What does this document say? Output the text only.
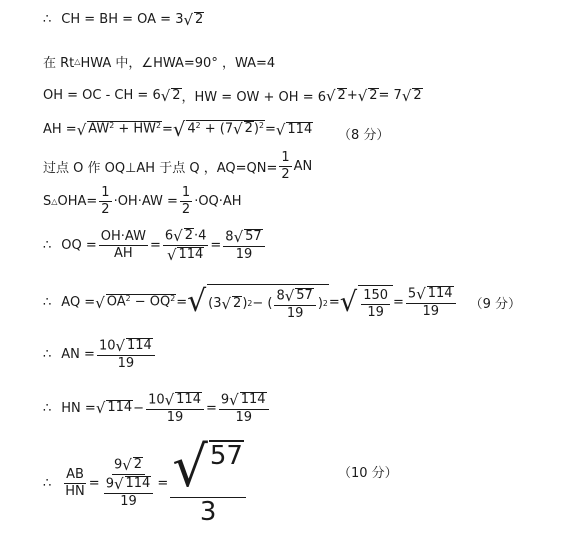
∴ CH = BH = OA = 3 √ 2
在 Rt △ HWA 中，∠HWA=90° ，WA=4
OH = OC - CH = 6 √ 2 ，HW = OW + OH = 6 √ 2 + √ 2 = 7 √ 2
AH = √ $AW^2 + HW^2$ = √ $4^2 + (7$ √ 2 )$^2$ = √ 114 （8 分）
过点 O 作 OQ⊥AH 于点 Q ，$AQ=QN= \frac{1}{2}$ AN
S △ OHA = $\frac{1}{2} \cdot OH\cdot AW = \frac{1}{2} \cdot OQ\cdot AH$
∴ OQ = $\frac{OH\cdot AW}{AH} = \frac{6 √ 2 \cdot 4}{√ 114} = \frac{8 √ 57}{19}$
∴ AQ = √ $OA^2 - OQ^2$ = √ (3 √ 2 ) 2 − ( $\frac{8 √ 57}{19}$ ) 2 = √ $\frac{150}{19} = \frac{5 √ 114}{19} (9$ 分）
∴ AN = $\frac{10 √ 114}{19}$
∴ HN = √ $114 - \frac{10 √ 114}{19} = \frac{9 √ 114}{19}$
∴ $\frac{AB}{HN} = \frac{9 √ 2}{\frac{9 √ 114}{19}} = \frac{√ 57}{3}$	（10 分）
